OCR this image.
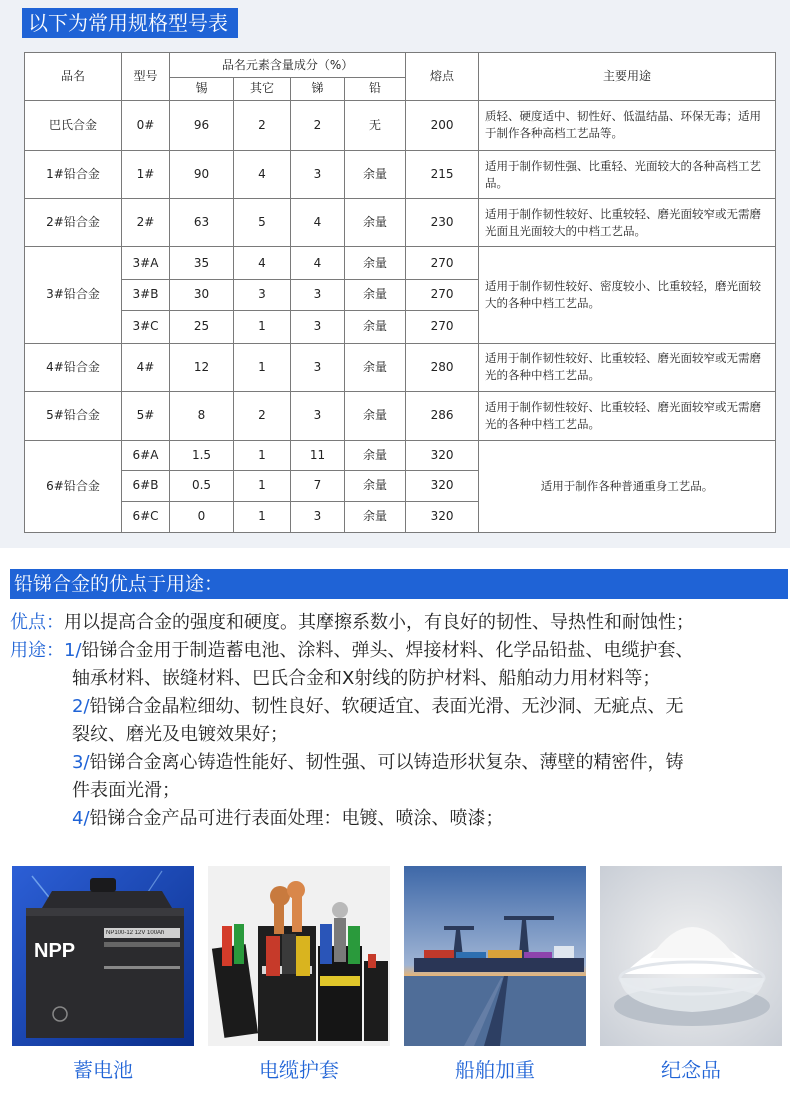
以下为常用规格型号表
品名	型号	品名元素含量成分（%）				熔点	主要用途
		锡	其它	锑	铅		
巴氏合金	0#	96	2	2	无	200	质轻、硬度适中、韧性好、低温结晶、环保无毒；适用于制作各种高档工艺品等。
1#铅合金	1#	90	4	3	余量	215	适用于制作韧性强、比重轻、光面较大的各种高档工艺品。
2#铅合金	2#	63	5	4	余量	230	适用于制作韧性较好、比重较轻、磨光面较窄或无需磨光面且光面较大的中档工艺品。
3#铅合金	3#A	35	4	4	余量	270	适用于制作韧性较好、密度较小、比重较轻，磨光面较大的各种中档工艺品。
	3#B	30	3	3	余量	270	
	3#C	25	1	3	余量	270	
4#铅合金	4#	12	1	3	余量	280	适用于制作韧性较好、比重较轻、磨光面较窄或无需磨光的各种中档工艺品。
5#铅合金	5#	8	2	3	余量	286	适用于制作韧性较好、比重较轻、磨光面较窄或无需磨光的各种中档工艺品。
6#铅合金	6#A	1.5	1	11	余量	320	适用于制作各种普通重身工艺品。
	6#B	0.5	1	7	余量	320	
	6#C	0	1	3	余量	320	
铅锑合金的优点于用途：
优点：用以提高合金的强度和硬度。其摩擦系数小，有良好的韧性、导热性和耐蚀性；
用途：1/铅锑合金用于制造蓄电池、涂料、弹头、焊接材料、化学品铅盐、电缆护套、
轴承材料、嵌缝材料、巴氏合金和X射线的防护材料、船舶动力用材料等；
2/铅锑合金晶粒细幼、韧性良好、软硬适宜、表面光滑、无沙洞、无疵点、无
裂纹、磨光及电镀效果好；
3/铅锑合金离心铸造性能好、韧性强、可以铸造形状复杂、薄壁的精密件，铸
件表面光滑；
4/铅锑合金产品可进行表面处理：电镀、喷涂、喷漆；
NPP
NP100-12 12V 100Ah
蓄电池	电缆护套	船舶加重	纪念品
